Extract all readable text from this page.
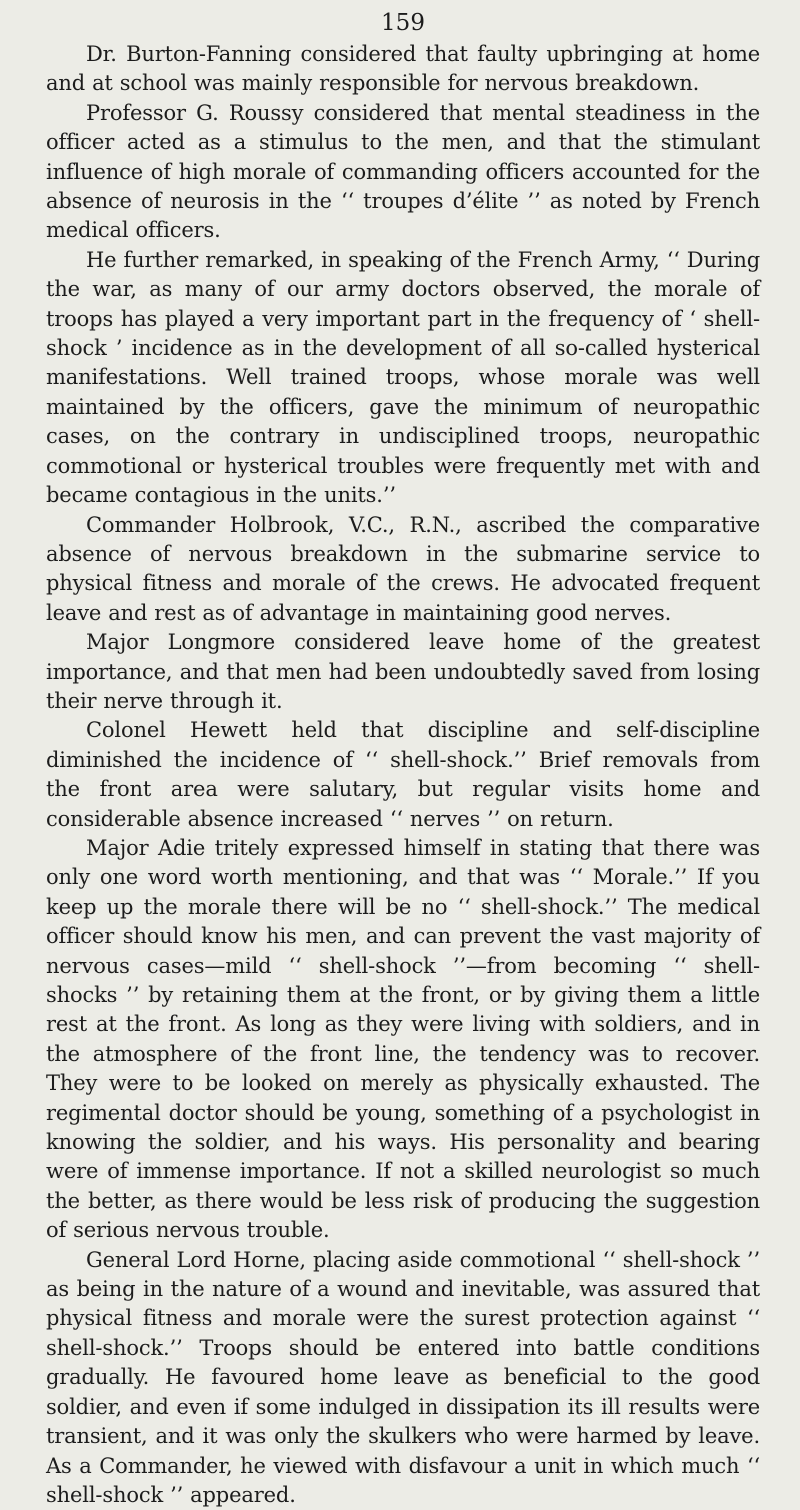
159

Dr. Burton-Fanning considered that faulty upbringing at home and at school was mainly responsible for nervous breakdown.

Professor G. Roussy considered that mental steadiness in the officer acted as a stimulus to the men, and that the stimulant influence of high morale of commanding officers accounted for the absence of neurosis in the ‘‘ troupes d’élite ’’ as noted by French medical officers.

He further remarked, in speaking of the French Army, ‘‘ During the war, as many of our army doctors observed, the morale of troops has played a very important part in the frequency of ‘ shell-shock ’ incidence as in the development of all so-called hysterical manifestations. Well trained troops, whose morale was well maintained by the officers, gave the minimum of neuropathic cases, on the contrary in undisciplined troops, neuropathic commotional or hysterical troubles were frequently met with and became contagious in the units.’’

Commander Holbrook, V.C., R.N., ascribed the comparative absence of nervous breakdown in the submarine service to physical fitness and morale of the crews. He advocated frequent leave and rest as of advantage in maintaining good nerves.

Major Longmore considered leave home of the greatest importance, and that men had been undoubtedly saved from losing their nerve through it.

Colonel Hewett held that discipline and self-discipline diminished the incidence of ‘‘ shell-shock.’’ Brief removals from the front area were salutary, but regular visits home and considerable absence increased ‘‘ nerves ’’ on return.

Major Adie tritely expressed himself in stating that there was only one word worth mentioning, and that was ‘‘ Morale.’’ If you keep up the morale there will be no ‘‘ shell-shock.’’ The medical officer should know his men, and can prevent the vast majority of nervous cases—mild ‘‘ shell-shock ’’—from becoming ‘‘ shell-shocks ’’ by retaining them at the front, or by giving them a little rest at the front. As long as they were living with soldiers, and in the atmosphere of the front line, the tendency was to recover. They were to be looked on merely as physically exhausted. The regimental doctor should be young, something of a psychologist in knowing the soldier, and his ways. His personality and bearing were of immense importance. If not a skilled neurologist so much the better, as there would be less risk of producing the suggestion of serious nervous trouble.

General Lord Horne, placing aside commotional ‘‘ shell-shock ’’ as being in the nature of a wound and inevitable, was assured that physical fitness and morale were the surest protection against ‘‘ shell-shock.’’ Troops should be entered into battle conditions gradually. He favoured home leave as beneficial to the good soldier, and even if some indulged in dissipation its ill results were transient, and it was only the skulkers who were harmed by leave. As a Commander, he viewed with disfavour a unit in which much ‘‘ shell-shock ’’ appeared.
